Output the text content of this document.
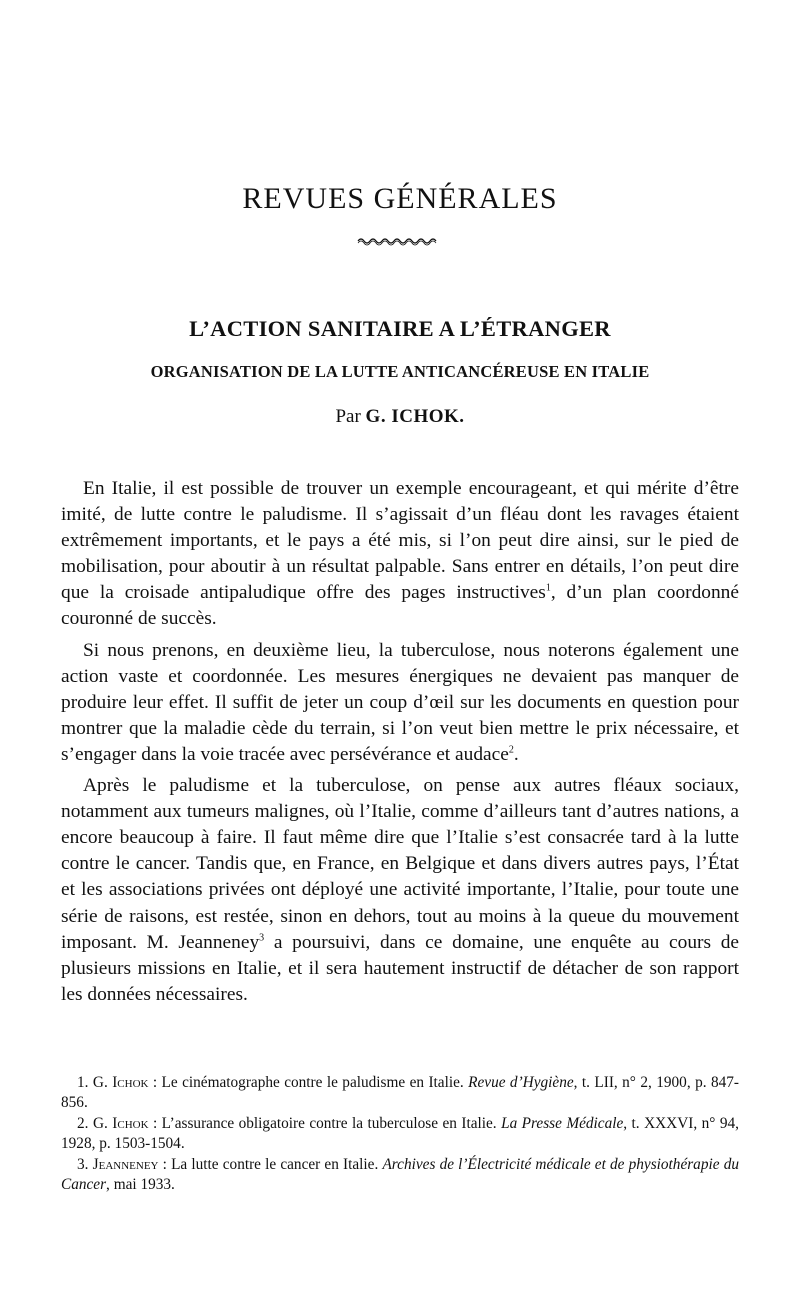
REVUES GÉNÉRALES
L’ACTION SANITAIRE A L’ÉTRANGER
ORGANISATION DE LA LUTTE ANTICANCÉREUSE EN ITALIE
Par G. ICHOK.

En Italie, il est possible de trouver un exemple encourageant, et qui mérite d’être imité, de lutte contre le paludisme. Il s’agissait d’un fléau dont les ravages étaient extrêmement importants, et le pays a été mis, si l’on peut dire ainsi, sur le pied de mobilisation, pour aboutir à un résultat palpable. Sans entrer en détails, l’on peut dire que la croisade antipaludique offre des pages instructives$^1$, d’un plan coordonné couronné de succès.

Si nous prenons, en deuxième lieu, la tuberculose, nous noterons également une action vaste et coordonnée. Les mesures énergiques ne devaient pas manquer de produire leur effet. Il suffit de jeter un coup d’œil sur les documents en question pour montrer que la maladie cède du terrain, si l’on veut bien mettre le prix nécessaire, et s’engager dans la voie tracée avec persévérance et audace$^2$.

Après le paludisme et la tuberculose, on pense aux autres fléaux sociaux, notamment aux tumeurs malignes, où l’Italie, comme d’ailleurs tant d’autres nations, a encore beaucoup à faire. Il faut même dire que l’Italie s’est consacrée tard à la lutte contre le cancer. Tandis que, en France, en Belgique et dans divers autres pays, l’État et les associations privées ont déployé une activité importante, l’Italie, pour toute une série de raisons, est restée, sinon en dehors, tout au moins à la queue du mouvement imposant. M. Jeanneney$^3$ a poursuivi, dans ce domaine, une enquête au cours de plusieurs missions en Italie, et il sera hautement instructif de détacher de son rapport les données nécessaires.

1. G. Ichok : Le cinématographe contre le paludisme en Italie. Revue d’Hygiène, t. LII, n° 2, 1900, p. 847-856.

2. G. Ichok : L’assurance obligatoire contre la tuberculose en Italie. La Presse Médicale, t. XXXVI, n° 94, 1928, p. 1503-1504.

3. Jeanneney : La lutte contre le cancer en Italie. Archives de l’Électricité médicale et de physiothérapie du Cancer, mai 1933.
